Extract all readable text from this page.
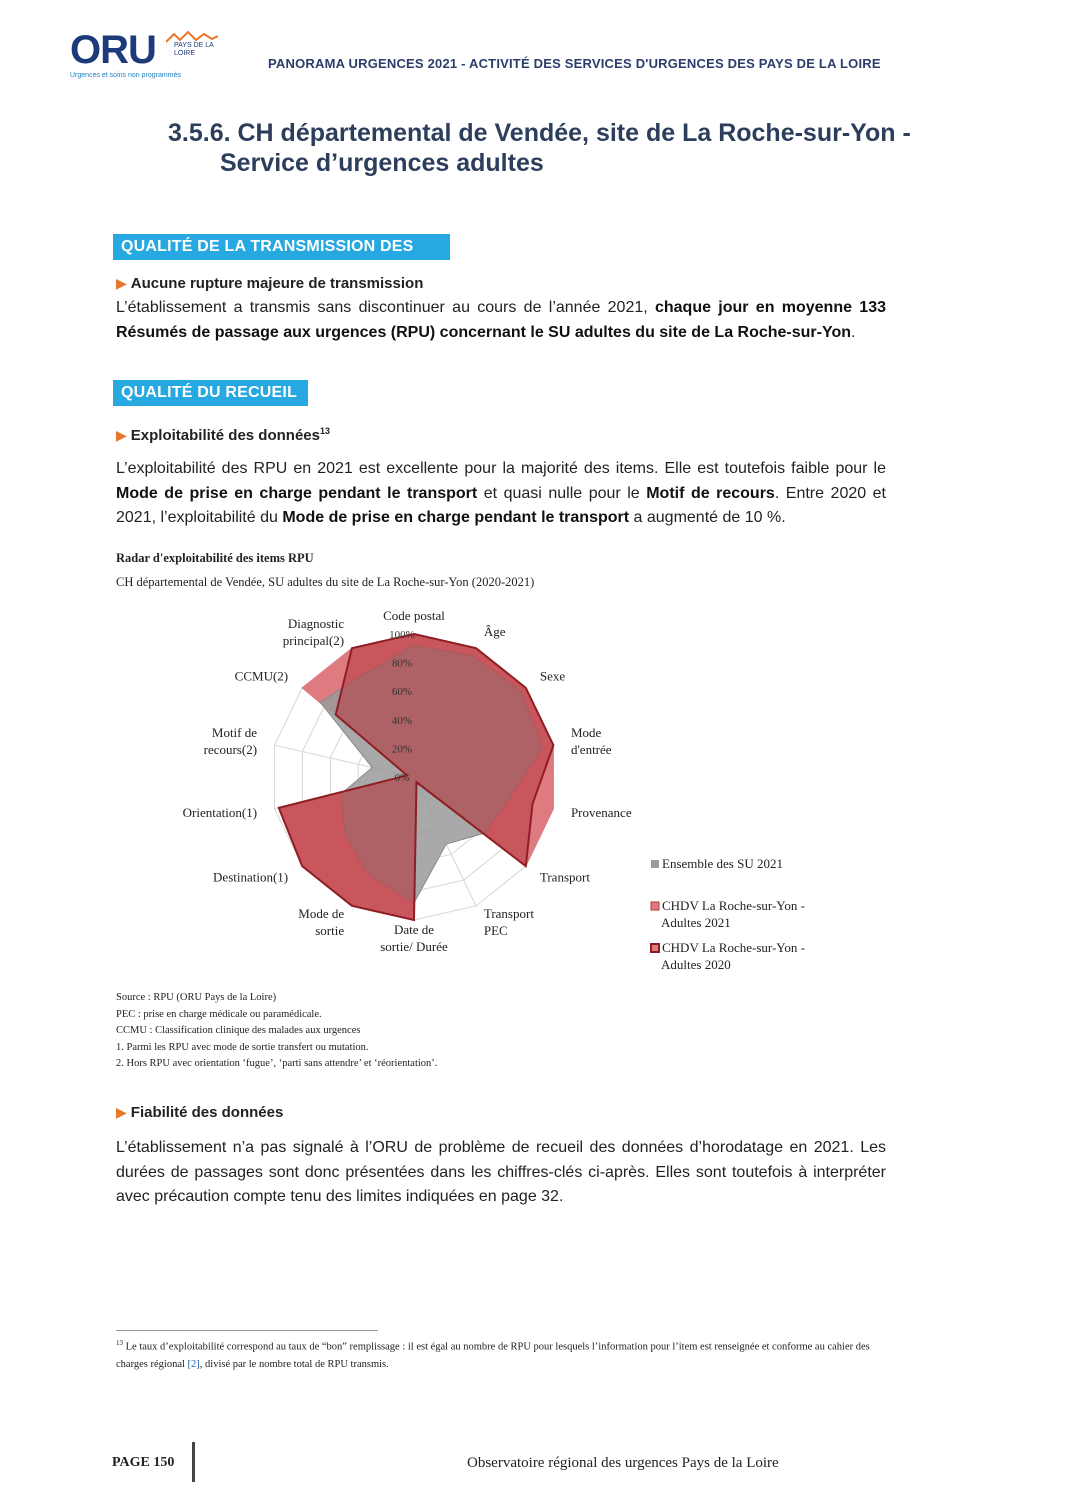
ORU	PAYS DE LA LOIRE
Urgences et soins non programmés
PANORAMA URGENCES 2021 - ACTIVITÉ DES SERVICES D'URGENCES DES PAYS DE LA LOIRE
3.5.6. CH départemental de Vendée, site de La Roche-sur-Yon -
Service d’urgences adultes
QUALITÉ DE LA TRANSMISSION DES RPU
▶ Aucune rupture majeure de transmission
L’établissement a transmis sans discontinuer au cours de l’année 2021, chaque jour en moyenne 133 Résumés de passage aux urgences (RPU) concernant le SU adultes du site de La Roche-sur-Yon.
QUALITÉ DU RECUEIL
▶ Exploitabilité des données$^{13}$
L’exploitabilité des RPU en 2021 est excellente pour la majorité des items. Elle est toutefois faible pour le Mode de prise en charge pendant le transport et quasi nulle pour le Motif de recours. Entre 2020 et 2021, l’exploitabilité du Mode de prise en charge pendant le transport a augmenté de 10 %.
Radar d'exploitabilité des items RPU
CH départemental de Vendée, SU adultes du site de La Roche-sur-Yon (2020-2021)
0%
20%
40%
60%
80%
100%
Code postal
Âge
Sexe
Mode d'entrée
Provenance
Transport
Transport PEC
Date de sortie/ Durée
Mode de sortie
Destination(1)
Orientation(1)
Motif de recours(2)
CCMU(2)
Diagnostic principal(2)
Ensemble des SU 2021
CHDV La Roche-sur-Yon -Adultes 2021
CHDV La Roche-sur-Yon -Adultes 2020
Source : RPU (ORU Pays de la Loire)
PEC : prise en charge médicale ou paramédicale.
CCMU : Classification clinique des malades aux urgences
1. Parmi les RPU avec mode de sortie transfert ou mutation.
2. Hors RPU avec orientation ‘fugue’, ‘parti sans attendre’ et ‘réorientation’.
▶ Fiabilité des données
L’établissement n’a pas signalé à l’ORU de problème de recueil des données d’horodatage en 2021. Les durées de passages sont donc présentées dans les chiffres-clés ci-après. Elles sont toutefois à interpréter avec précaution compte tenu des limites indiquées en page 32.
$^{13}$ Le taux d’exploitabilité correspond au taux de “bon” remplissage : il est égal au nombre de RPU pour lesquels l’information pour l’item est renseignée et conforme au cahier des charges régional [2], divisé par le nombre total de RPU transmis.
PAGE 150	Observatoire régional des urgences Pays de la Loire
